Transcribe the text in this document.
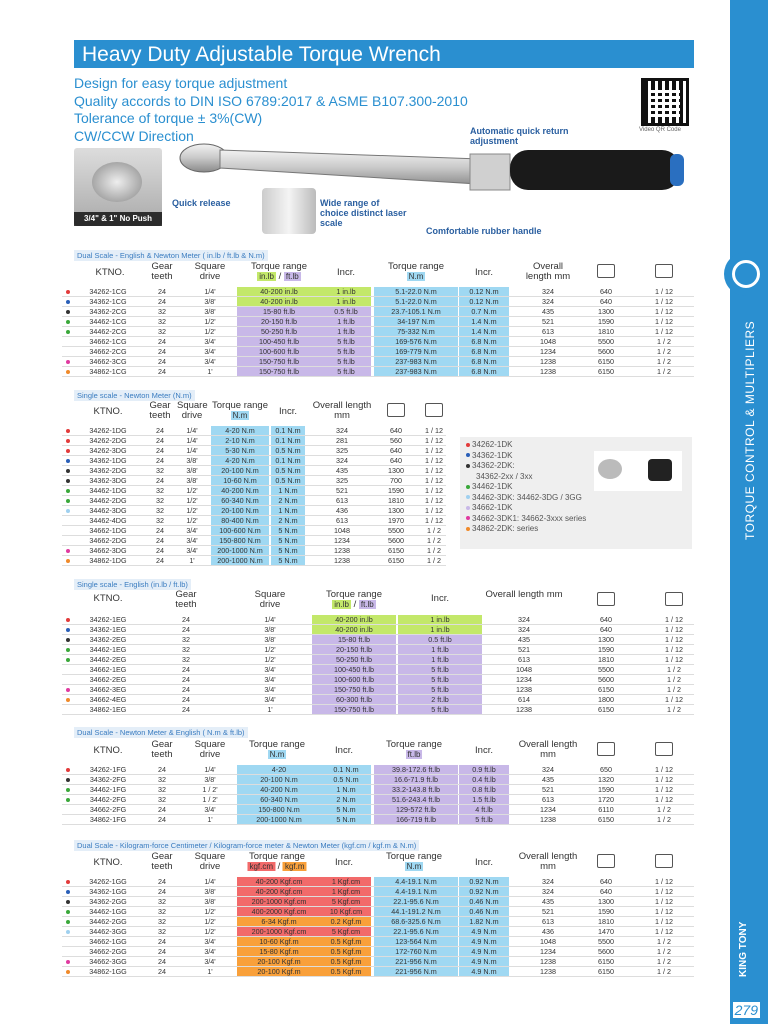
TORQUE CONTROL & MULTIPLIERS
KING TONY
279
Heavy Duty Adjustable Torque Wrench
Design for easy torque adjustment
Quality accords to DIN ISO 6789:2017 & ASME B107.300-2010
Tolerance of torque ± 3%(CW)
CW/CCW Direction	Video QR Code
3/4" & 1" No Push
Automatic quick return adjustment
Quick release	Wide range of choice distinct laser scale
Comfortable rubber handle
Dual Scale - English & Newton Meter ( in.lb / ft.lb & N.m)
KTNO.
Gear teeth
Square drive
Torque range
in.lb / ft.lb	Incr.
Torque range
N.m	Incr.
Overall length mm
34262-1CG	24	1/4'	40-200 in.lb	1 in.lb	5.1-22.0 N.m	0.12 N.m	324	640	1 / 12
34362-1CG	24	3/8'	40-200 in.lb	1 in.lb	5.1-22.0 N.m	0.12 N.m	324	640	1 / 12
34362-2CG	32	3/8'	15-80 ft.lb	0.5 ft.lb	23.7-105.1 N.m	0.7 N.m	435	1300	1 / 12
34462-1CG	32	1/2'	20-150 ft.lb	1 ft.lb	34-197 N.m	1.4 N.m	521	1590	1 / 12
34462-2CG	32	1/2'	50-250 ft.lb	1 ft.lb	75-332 N.m	1.4 N.m	613	1810	1 / 12
34662-1CG	24	3/4'	100-450 ft.lb	5 ft.lb	169-576 N.m	6.8 N.m	1048	5500	1 / 2
34662-2CG	24	3/4'	100-600 ft.lb	5 ft.lb	169-779 N.m	6.8 N.m	1234	5600	1 / 2
34662-3CG	24	3/4'	150-750 ft.lb	5 ft.lb	237-983 N.m	6.8 N.m	1238	6150	1 / 2
34862-1CG	24	1'	150-750 ft.lb	5 ft.lb	237-983 N.m	6.8 N.m	1238	6150	1 / 2
Single scale - Newton Meter (N.m)
KTNO.
Gear teeth
Square drive
Torque range
N.m	Incr.
Overall length mm
34262-1DG	24	1/4'	4-20 N.m	0.1 N.m	324	640	1 / 12
34262-2DG	24	1/4'	2-10 N.m	0.1 N.m	281	560	1 / 12
34262-3DG	24	1/4'	5-30 N.m	0.5 N.m	325	640	1 / 12
34362-1DG	24	3/8'	4-20 N.m	0.1 N.m	324	640	1 / 12
34362-2DG	32	3/8'	20-100 N.m	0.5 N.m	435	1300	1 / 12
34362-3DG	24	3/8'	10-60 N.m	0.5 N.m	325	700	1 / 12
34462-1DG	32	1/2'	40-200 N.m	1 N.m	521	1590	1 / 12
34462-2DG	32	1/2'	60-340 N.m	2 N.m	613	1810	1 / 12
34462-3DG	32	1/2'	20-100 N.m	1 N.m	436	1300	1 / 12
34462-4DG	32	1/2'	80-400 N.m	2 N.m	613	1970	1 / 12
34662-1DG	24	3/4'	100-600 N.m	5 N.m	1048	5500	1 / 2
34662-2DG	24	3/4'	150-800 N.m	5 N.m	1234	5600	1 / 2
34662-3DG	24	3/4'	200-1000 N.m	5 N.m	1238	6150	1 / 2
34862-1DG	24	1'	200-1000 N.m	5 N.m	1238	6150	1 / 2
34262-1DK
34362-1DK
34362-2DK:
34362-2xx / 3xx
34462-1DK
34462-3DK: 34462-3DG / 3GG
34662-1DK
34662-3DK1: 34662-3xxx series
34862-2DK: series
Single scale - English (in.lb / ft.lb)
KTNO.	Gear teeth
Square drive
Torque range
in.lb / ft.lb
Incr.	Overall length mm
34262-1EG	24	1/4'	40-200 in.lb	1 in.lb	324	640	1 / 12
34362-1EG	24	3/8'	40-200 in.lb	1 in.lb	324	640	1 / 12
34362-2EG	32	3/8'	15-80 ft.lb	0.5 ft.lb	435	1300	1 / 12
34462-1EG	32	1/2'	20-150 ft.lb	1 ft.lb	521	1590	1 / 12
34462-2EG	32	1/2'	50-250 ft.lb	1 ft.lb	613	1810	1 / 12
34662-1EG	24	3/4'	100-450 ft.lb	5 ft.lb	1048	5500	1 / 2
34662-2EG	24	3/4'	100-600 ft.lb	5 ft.lb	1234	5600	1 / 2
34662-3EG	24	3/4'	150-750 ft.lb	5 ft.lb	1238	6150	1 / 2
34662-4EG	24	3/4'	60-300 ft.lb	2 ft.lb	614	1800	1 / 12
34862-1EG	24	1'	150-750 ft.lb	5 ft.lb	1238	6150	1 / 2
Dual Scale - Newton Meter & English ( N.m & ft.lb)
KTNO.
Gear teeth
Square drive
Torque range
N.m	Incr.
Torque range
ft.lb	Incr.
Overall length mm
34262-1FG	24	1/4'	4-20	0.1 N.m	39.8-172.6 ft.lb	0.9 ft.lb	324	650	1 / 12
34362-2FG	32	3/8'	20-100 N.m	0.5 N.m	16.6-71.9 ft.lb	0.4 ft.lb	435	1320	1 / 12
34462-1FG	32	1 / 2'	40-200 N.m	1 N.m	33.2-143.8 ft.lb	0.8 ft.lb	521	1590	1 / 12
34462-2FG	32	1 / 2'	60-340 N.m	2 N.m	51.6-243.4 ft.lb	1.5 ft.lb	613	1720	1 / 12
34662-2FG	24	3/4'	150-800 N.m	5 N.m	129-572 ft.lb	4 ft.lb	1234	6110	1 / 2
34862-1FG	24	1'	200-1000 N.m	5 N.m	166-719 ft.lb	5 ft.lb	1238	6150	1 / 2
Dual Scale - Kilogram-force Centimeter / Kilogram-force meter & Newton Meter (kgf.cm / kgf.m & N.m)
KTNO.
Gear teeth
Square drive
Torque range
kgf.cm / kgf.m	Incr.
Torque range
N.m	Incr.
Overall length mm
34262-1GG	24	1/4'	40-200 Kgf.cm	1 Kgf.cm	4.4-19.1 N.m	0.92 N.m	324	640	1 / 12
34362-1GG	24	3/8'	40-200 Kgf.cm	1 Kgf.cm	4.4-19.1 N.m	0.92 N.m	324	640	1 / 12
34362-2GG	32	3/8'	200-1000 Kgf.cm	5 Kgf.cm	22.1-95.6 N.m	0.46 N.m	435	1300	1 / 12
34462-1GG	32	1/2'	400-2000 Kgf.cm	10 Kgf.cm	44.1-191.2 N.m	0.46 N.m	521	1590	1 / 12
34462-2GG	32	1/2'	6-34 Kgf.m	0.2 Kgf.m	68.6-325.6 N.m	1.82 N.m	613	1810	1 / 12
34462-3GG	32	1/2'	200-1000 Kgf.cm	5 Kgf.cm	22.1-95.6 N.m	4.9 N.m	436	1470	1 / 12
34662-1GG	24	3/4'	10-60 Kgf.m	0.5 Kgf.m	123-564 N.m	4.9 N.m	1048	5500	1 / 2
34662-2GG	24	3/4'	15-80 Kgf.m	0.5 Kgf.m	172-760 N.m	4.9 N.m	1234	5600	1 / 2
34662-3GG	24	3/4'	20-100 Kgf.m	0.5 Kgf.m	221-956 N.m	4.9 N.m	1238	6150	1 / 2
34862-1GG	24	1'	20-100 Kgf.m	0.5 Kgf.m	221-956 N.m	4.9 N.m	1238	6150	1 / 2
